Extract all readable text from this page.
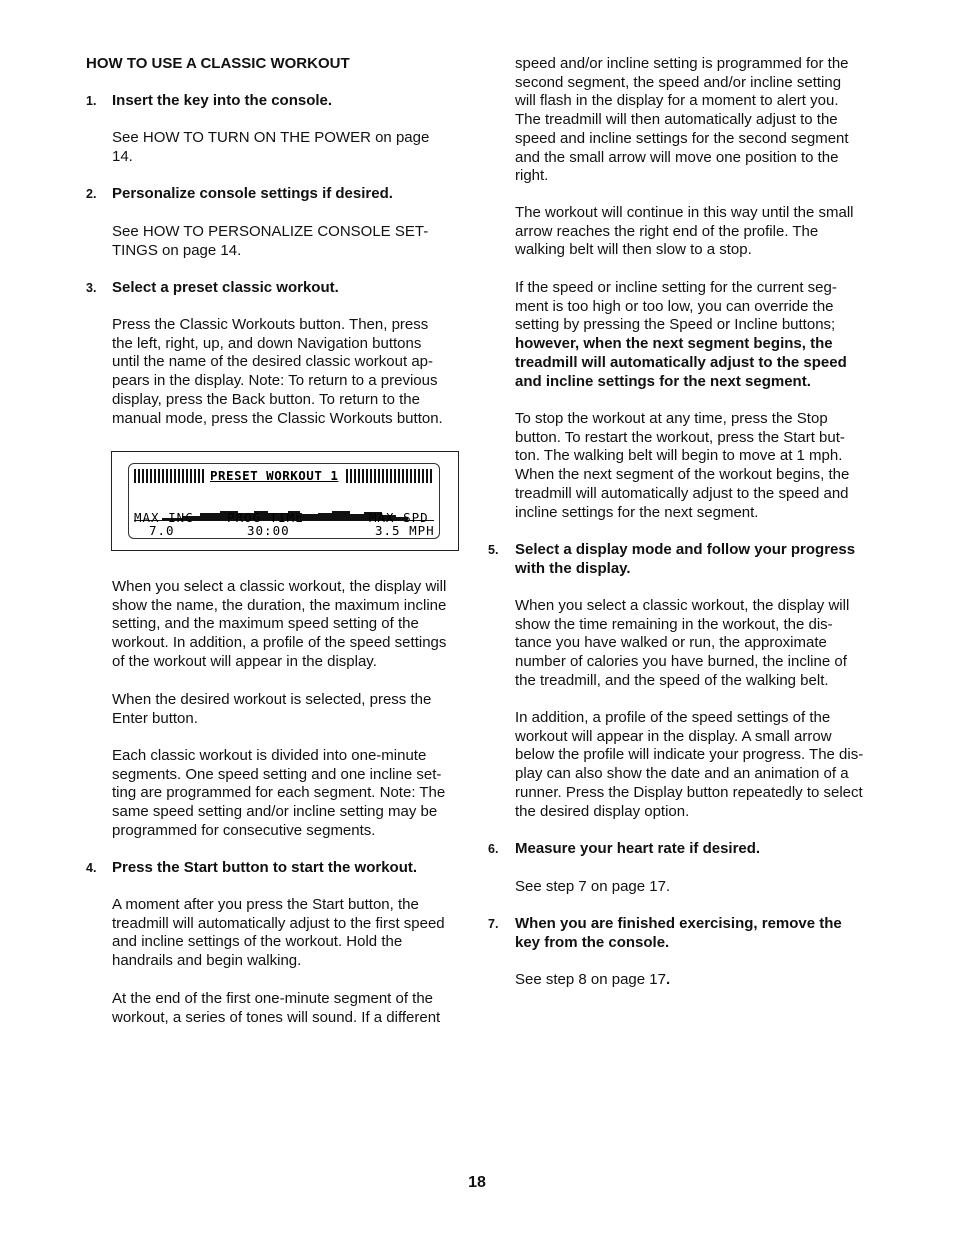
HOW TO USE A CLASSIC WORKOUT
1. Insert the key into the console.
See HOW TO TURN ON THE POWER on page 14.
2. Personalize console settings if desired.

See HOW TO PERSONALIZE CONSOLE SET-

TINGS on page 14.

3. Select a preset classic workout.

Press the Classic Workouts button. Then, press

the left, right, up, and down Navigation buttons

until the name of the desired classic workout ap-

pears in the display. Note: To return to a previous

display, press the Back button. To return to the

manual mode, press the Classic Workouts button.

PRESET WORKOUT 1
MAX INC
7.0
PROG TIME
30:00
MAX SPD
3.5 MPH

When you select a classic workout, the display will

show the name, the duration, the maximum incline

setting, and the maximum speed setting of the

workout. In addition, a profile of the speed settings

of the workout will appear in the display.

When the desired workout is selected, press the

Enter button.

Each classic workout is divided into one-minute

segments. One speed setting and one incline set-

ting are programmed for each segment. Note: The

same speed setting and/or incline setting may be

programmed for consecutive segments.

4. Press the Start button to start the workout.

A moment after you press the Start button, the

treadmill will automatically adjust to the first speed

and incline settings of the workout. Hold the

handrails and begin walking.

At the end of the first one-minute segment of the

workout, a series of tones will sound. If a different

speed and/or incline setting is programmed for the

second segment, the speed and/or incline setting

will flash in the display for a moment to alert you.

The treadmill will then automatically adjust to the

speed and incline settings for the second segment

and the small arrow will move one position to the

right.

The workout will continue in this way until the small

arrow reaches the right end of the profile. The

walking belt will then slow to a stop.

If the speed or incline setting for the current seg-

ment is too high or too low, you can override the

setting by pressing the Speed or Incline buttons;

however, when the next segment begins, the

treadmill will automatically adjust to the speed

and incline settings for the next segment.

To stop the workout at any time, press the Stop

button. To restart the workout, press the Start but-

ton. The walking belt will begin to move at 1 mph.

When the next segment of the workout begins, the

treadmill will automatically adjust to the speed and

incline settings for the next segment.

5. Select a display mode and follow your progress

with the display.

When you select a classic workout, the display will

show the time remaining in the workout, the dis-

tance you have walked or run, the approximate

number of calories you have burned, the incline of

the treadmill, and the speed of the walking belt.

In addition, a profile of the speed settings of the

workout will appear in the display. A small arrow

below the profile will indicate your progress. The dis-

play can also show the date and an animation of a

runner. Press the Display button repeatedly to select

the desired display option.

6. Measure your heart rate if desired.
See step 7 on page 17.
7. When you are finished exercising, remove the

key from the console.

See step 8 on page 17.
18
